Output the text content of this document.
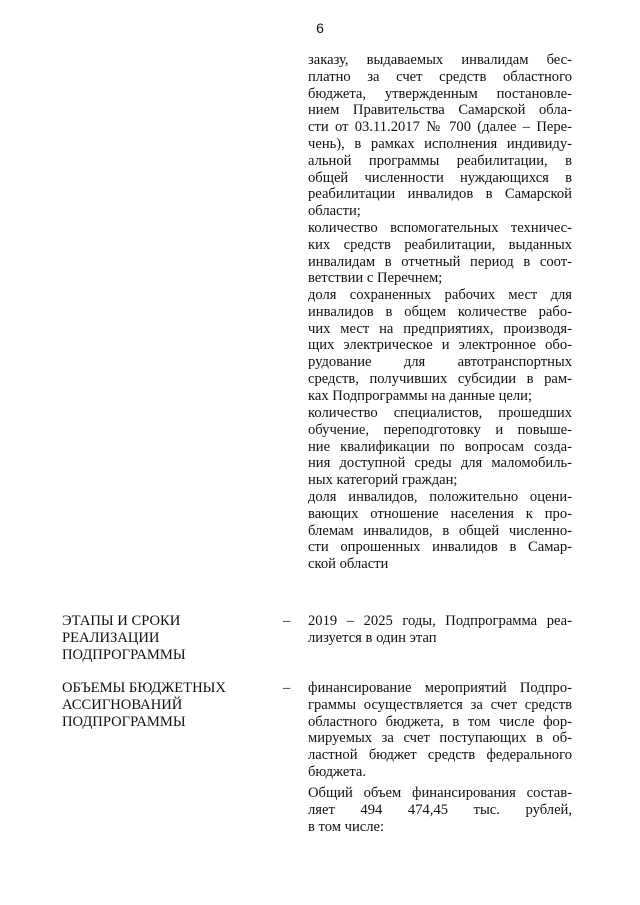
6
заказу, выдаваемых инвалидам бес-
платно за счет средств областного
бюджета, утвержденным постановле-
нием Правительства Самарской обла-
сти от 03.11.2017 № 700 (далее – Пере-
чень), в рамках исполнения индивиду-
альной программы реабилитации, в
общей численности нуждающихся в
реабилитации инвалидов в Самарской
области;
количество вспомогательных техничес-
ких средств реабилитации, выданных
инвалидам в отчетный период в соот-
ветствии с Перечнем;
доля сохраненных рабочих мест для
инвалидов в общем количестве рабо-
чих мест на предприятиях, производя-
щих электрическое и электронное обо-
рудование для автотранспортных
средств, получивших субсидии в рам-
ках Подпрограммы на данные цели;
количество специалистов, прошедших
обучение, переподготовку и повыше-
ние квалификации по вопросам созда-
ния доступной среды для маломобиль-
ных категорий граждан;
доля инвалидов, положительно оцени-
вающих отношение населения к про-
блемам инвалидов, в общей численно-
сти опрошенных инвалидов в Самар-
ской области
ЭТАПЫ И СРОКИ
РЕАЛИЗАЦИИ
ПОДПРОГРАММЫ
– 2019 – 2025 годы, Подпрограмма реа-
лизуется в один этап
ОБЪЕМЫ БЮДЖЕТНЫХ
АССИГНОВАНИЙ
ПОДПРОГРАММЫ
– финансирование мероприятий Подпро-
граммы осуществляется за счет средств
областного бюджета, в том числе фор-
мируемых за счет поступающих в об-
ластной бюджет средств федерального
бюджета.
Общий объем финансирования состав-
ляет 494 474,45 тыс. рублей,
в том числе:
